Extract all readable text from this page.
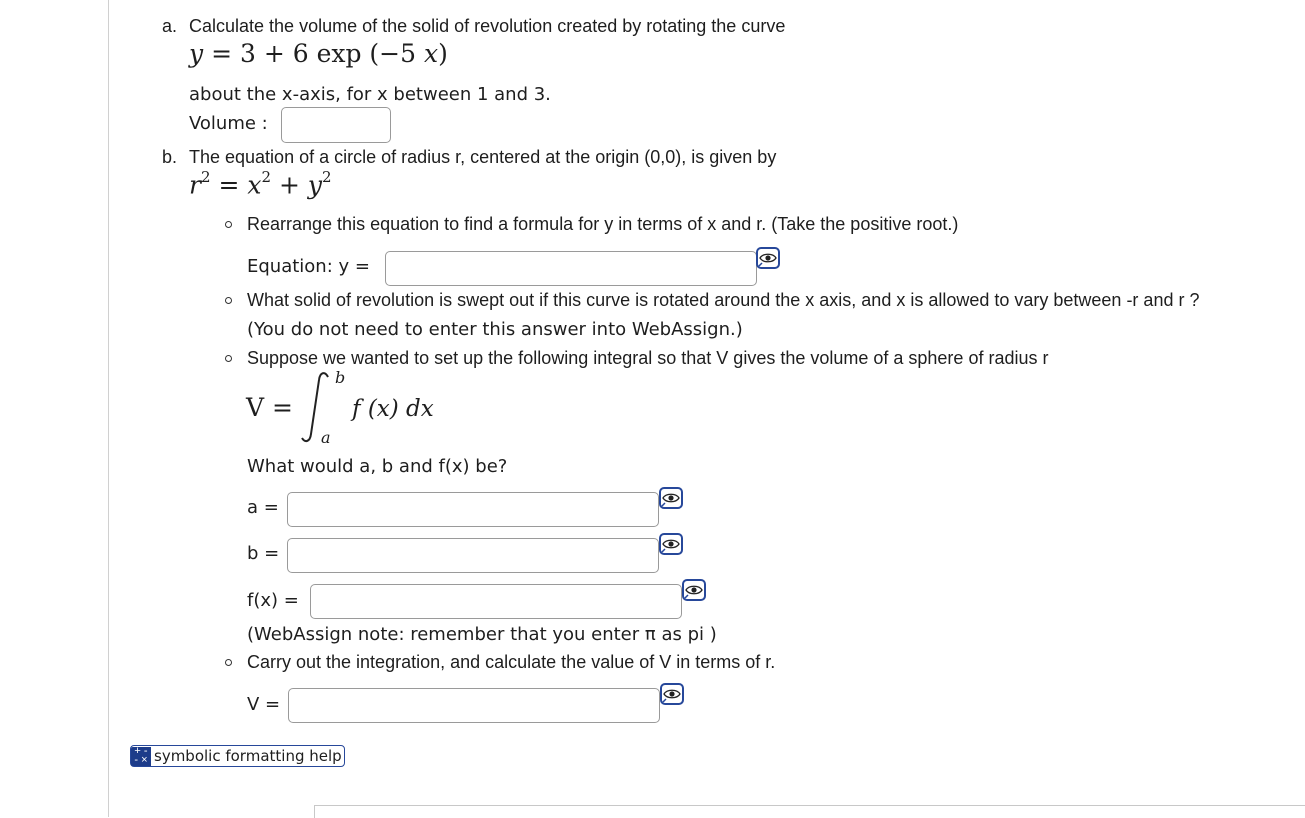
a. Calculate the volume of the solid of revolution created by rotating the curve
y = 3 + 6 exp (−5 x)
about the x-axis, for x between 1 and 3.
Volume :
b. The equation of a circle of radius r, centered at the origin (0,0), is given by
$r^2 = x^2 + y^2$
Rearrange this equation to find a formula for y in terms of x and r. (Take the positive root.)
Equation: y =
What solid of revolution is swept out if this curve is rotated around the x axis, and x is allowed to vary between -r and r ?
(You do not need to enter this answer into WebAssign.)
Suppose we wanted to set up the following integral so that V gives the volume of a sphere of radius r
V =
b
a
f (x) dx
What would a, b and f(x) be?
a =
b =
f(x) =
(WebAssign note: remember that you enter π as pi )
Carry out the integration, and calculate the value of V in terms of r.
V =
+ -
- × symbolic formatting help
